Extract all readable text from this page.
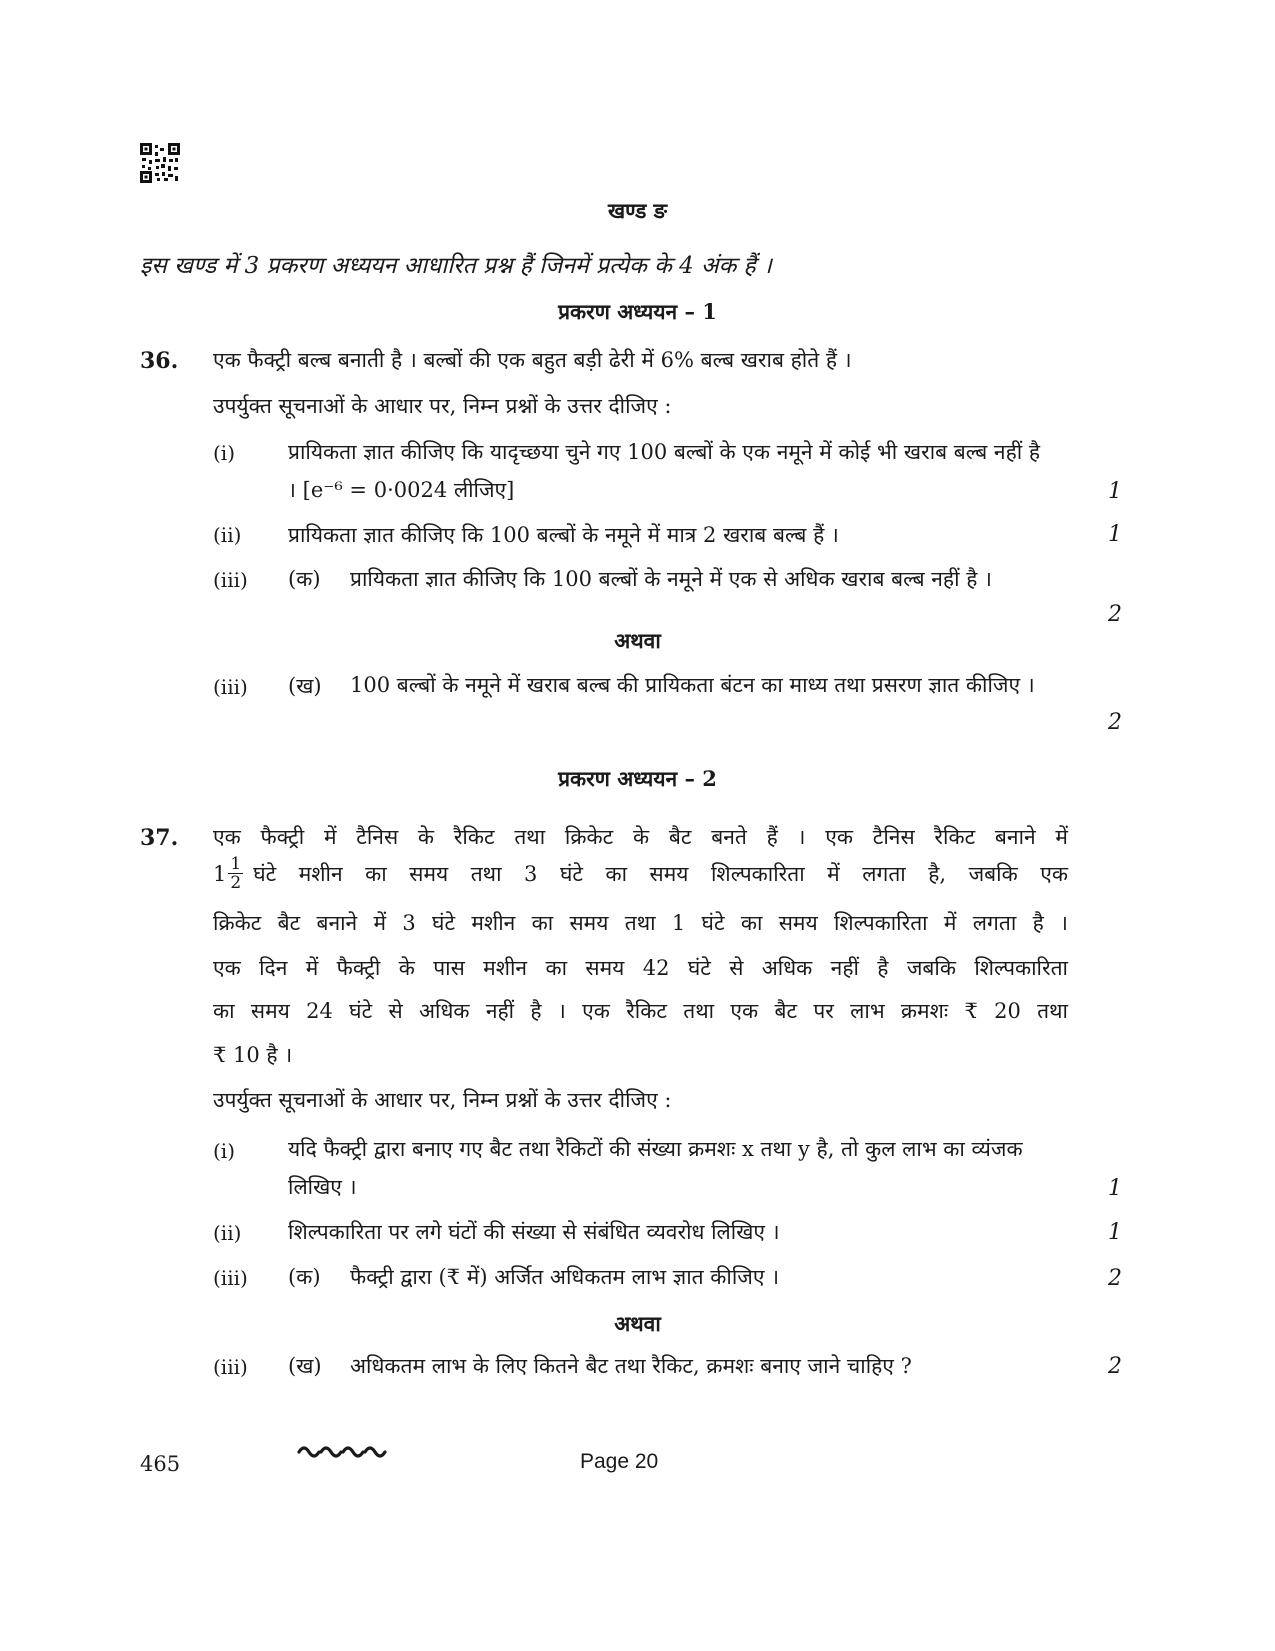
खण्ड ङ
इस खण्ड में 3 प्रकरण अध्ययन आधारित प्रश्न हैं जिनमें प्रत्येक के 4 अंक हैं ।
प्रकरण अध्ययन – 1
36. एक फैक्ट्री बल्ब बनाती है । बल्बों की एक बहुत बड़ी ढेरी में 6% बल्ब खराब होते हैं ।
उपर्युक्त सूचनाओं के आधार पर, निम्न प्रश्नों के उत्तर दीजिए :
(i)	प्रायिकता ज्ञात कीजिए कि यादृच्छया चुने गए 100 बल्बों के एक नमूने में कोई भी खराब बल्ब नहीं है । [e⁻⁶ = 0·0024 लीजिए]	1
(ii)	प्रायिकता ज्ञात कीजिए कि 100 बल्बों के नमूने में मात्र 2 खराब बल्ब हैं ।	1
(iii)	(क) प्रायिकता ज्ञात कीजिए कि 100 बल्बों के नमूने में एक से अधिक खराब बल्ब नहीं है ।
2
अथवा
(iii)	(ख) 100 बल्बों के नमूने में खराब बल्ब की प्रायिकता बंटन का माध्य तथा प्रसरण ज्ञात कीजिए ।
2
प्रकरण अध्ययन – 2
37. एक फैक्ट्री में टैनिस के रैकिट तथा क्रिकेट के बैट बनते हैं । एक टैनिस रैकिट बनाने में
$1 \frac{1}{2}$ घंटे मशीन का समय तथा 3 घंटे का समय शिल्पकारिता में लगता है, जबकि एक
क्रिकेट बैट बनाने में 3 घंटे मशीन का समय तथा 1 घंटे का समय शिल्पकारिता में लगता है ।
एक दिन में फैक्ट्री के पास मशीन का समय 42 घंटे से अधिक नहीं है जबकि शिल्पकारिता
का समय 24 घंटे से अधिक नहीं है । एक रैकिट तथा एक बैट पर लाभ क्रमशः ₹ 20 तथा
₹ 10 है ।
उपर्युक्त सूचनाओं के आधार पर, निम्न प्रश्नों के उत्तर दीजिए :
(i)	यदि फैक्ट्री द्वारा बनाए गए बैट तथा रैकिटों की संख्या क्रमशः x तथा y है, तो कुल लाभ का व्यंजक लिखिए ।	1
(ii)	शिल्पकारिता पर लगे घंटों की संख्या से संबंधित व्यवरोध लिखिए ।	1
(iii)	(क) फैक्ट्री द्वारा (₹ में) अर्जित अधिकतम लाभ ज्ञात कीजिए ।	2
अथवा
(iii)	(ख) अधिकतम लाभ के लिए कितने बैट तथा रैकिट, क्रमशः बनाए जाने चाहिए ?	2
465	Page 20
